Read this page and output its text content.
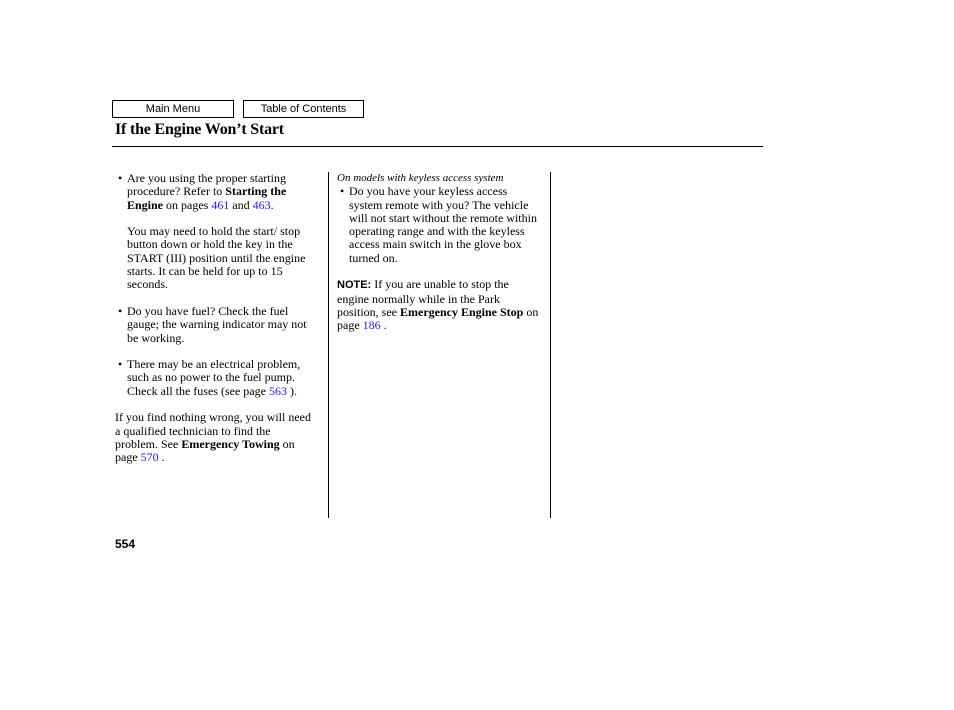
Main Menu	Table of Contents
If the Engine Won’t Start
• Are you using the proper starting procedure? Refer to Starting the Engine on pages 461 and 463.

You may need to hold the start/ stop button down or hold the key in the START (III) position until the engine starts. It can be held for up to 15 seconds.

• Do you have fuel? Check the fuel gauge; the warning indicator may not be working.

• There may be an electrical problem, such as no power to the fuel pump. Check all the fuses (see page 563 ).

If you find nothing wrong, you will need a qualified technician to find the problem. See Emergency Towing on page 570 .

On models with keyless access system

• Do you have your keyless access system remote with you? The vehicle will not start without the remote within operating range and with the keyless access main switch in the glove box turned on.

NOTE: If you are unable to stop the engine normally while in the Park position, see Emergency Engine Stop on page 186 .

554
